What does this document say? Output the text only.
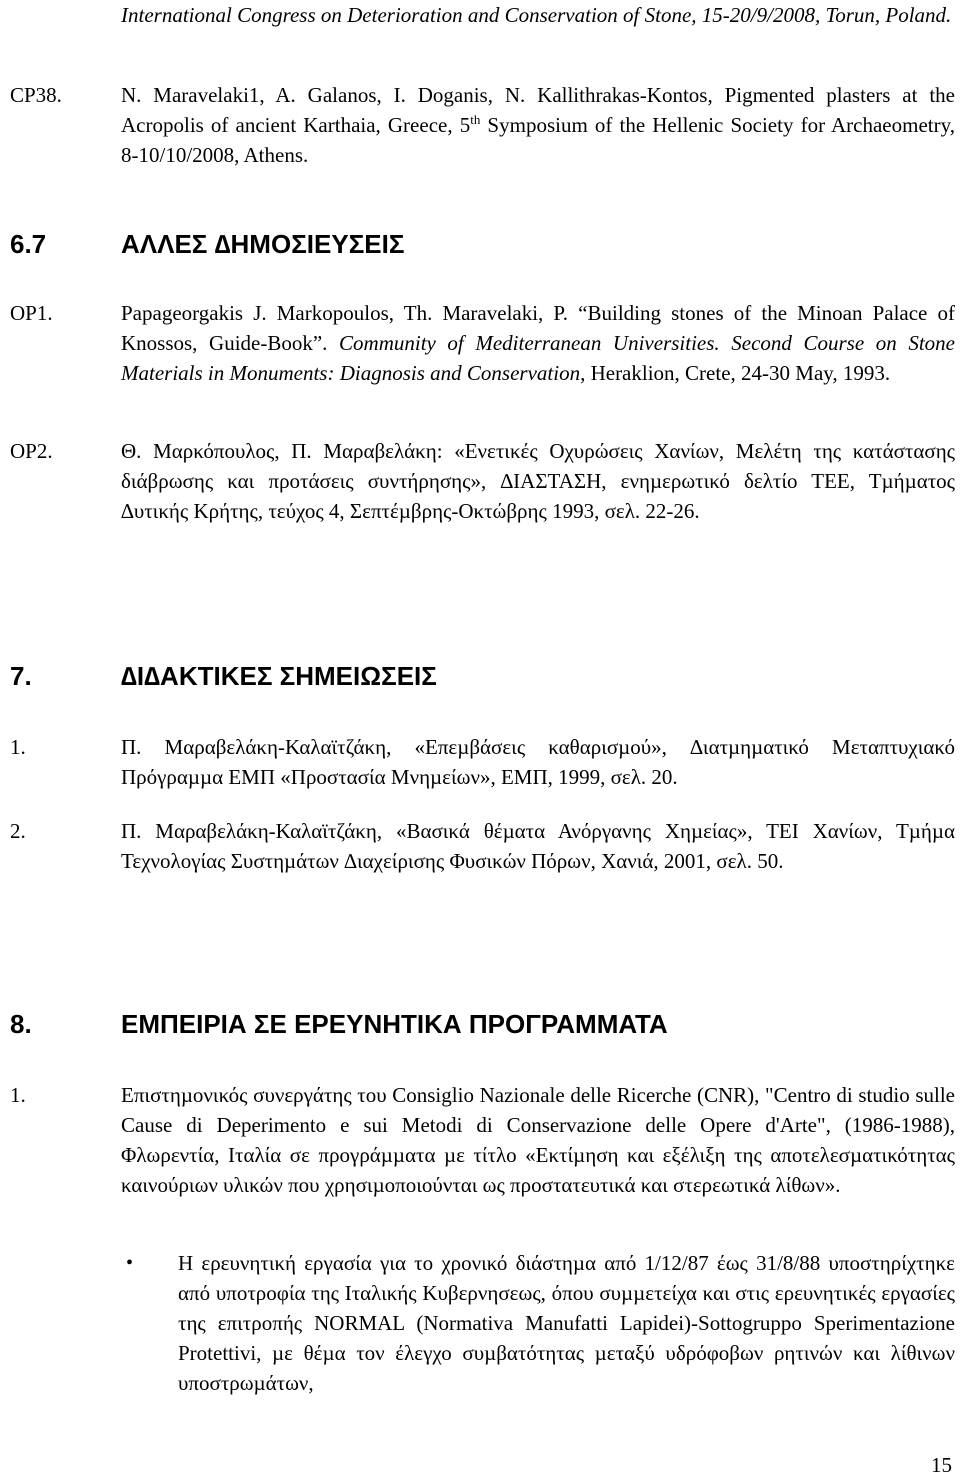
International Congress on Deterioration and Conservation of Stone, 15-20/9/2008, Torun, Poland.
CP38.	N. Maravelaki1, A. Galanos, I. Doganis, N. Kallithrakas-Kontos, Pigmented plasters at the Acropolis of ancient Karthaia, Greece, 5th Symposium of the Hellenic Society for Archaeometry, 8-10/10/2008, Athens.
6.7	ΑΛΛΕΣ ∆ΗΜΟΣΙΕΥΣΕΙΣ
OP1.	Papageorgakis J. Markopoulos, Th. Maravelaki, P. “Building stones of the Minoan Palace of Knossos, Guide-Book”. Community of Mediterranean Universities. Second Course on Stone Materials in Monuments: Diagnosis and Conservation, Heraklion, Crete, 24-30 May, 1993.
OP2.	Θ. Μαρκόπουλος, Π. Μαραβελάκη: «Ενετικές Οχυρώσεις Χανίων, Μελέτη της κατάστασης διάβρωσης και προτάσεις συντήρησης», ∆ΙΑΣΤΑΣΗ, ενηµερωτικό δελτίο ΤΕΕ, Τµήµατος ∆υτικής Κρήτης, τεύχος 4, Σεπτέµβρης-Οκτώβρης 1993, σελ. 22-26.
7.	∆Ι∆ΑΚΤΙΚΕΣ ΣΗΜΕΙΩΣΕΙΣ
1.	Π. Μαραβελάκη-Καλαϊτζάκη, «Επεµβάσεις καθαρισµού», ∆ιατµηµατικό Μεταπτυχιακό Πρόγραµµα ΕΜΠ «Προστασία Μνηµείων», ΕΜΠ, 1999, σελ. 20.
2.	Π. Μαραβελάκη-Καλαϊτζάκη, «Βασικά θέµατα Ανόργανης Χηµείας», ΤΕΙ Χανίων, Τµήµα Τεχνολογίας Συστηµάτων ∆ιαχείρισης Φυσικών Πόρων, Χανιά, 2001, σελ. 50.
8.	ΕΜΠΕΙΡΙΑ ΣΕ ΕΡΕΥΝΗΤΙΚΑ ΠΡΟΓΡΑΜΜΑΤΑ
1.	Επιστηµονικός συνεργάτης του Consiglio Nazionale delle Ricerche (CNR), "Centro di studio sulle Cause di Deperimento e sui Metodi di Conservazione delle Opere d'Arte", (1986-1988), Φλωρεντία, Ιταλία σε προγράµµατα µε τίτλο «Εκτίµηση και εξέλιξη της αποτελεσµατικότητας καινούριων υλικών που χρησιµοποιούνται ως προστατευτικά και στερεωτικά λίθων».
• Η ερευνητική εργασία για το χρονικό διάστηµα από 1/12/87 έως 31/8/88 υποστηρίχτηκε από υποτροφία της Ιταλικής Κυβερνησεως, όπου συµµετείχα και στις ερευνητικές εργασίες της επιτροπής NORMAL (Normativa Manufatti Lapidei)-Sottogruppo Sperimentazione Protettivi, µε θέµα τον έλεγχο συµβατότητας µεταξύ υδρόφοβων ρητινών και λίθινων υποστρωµάτων,
15
